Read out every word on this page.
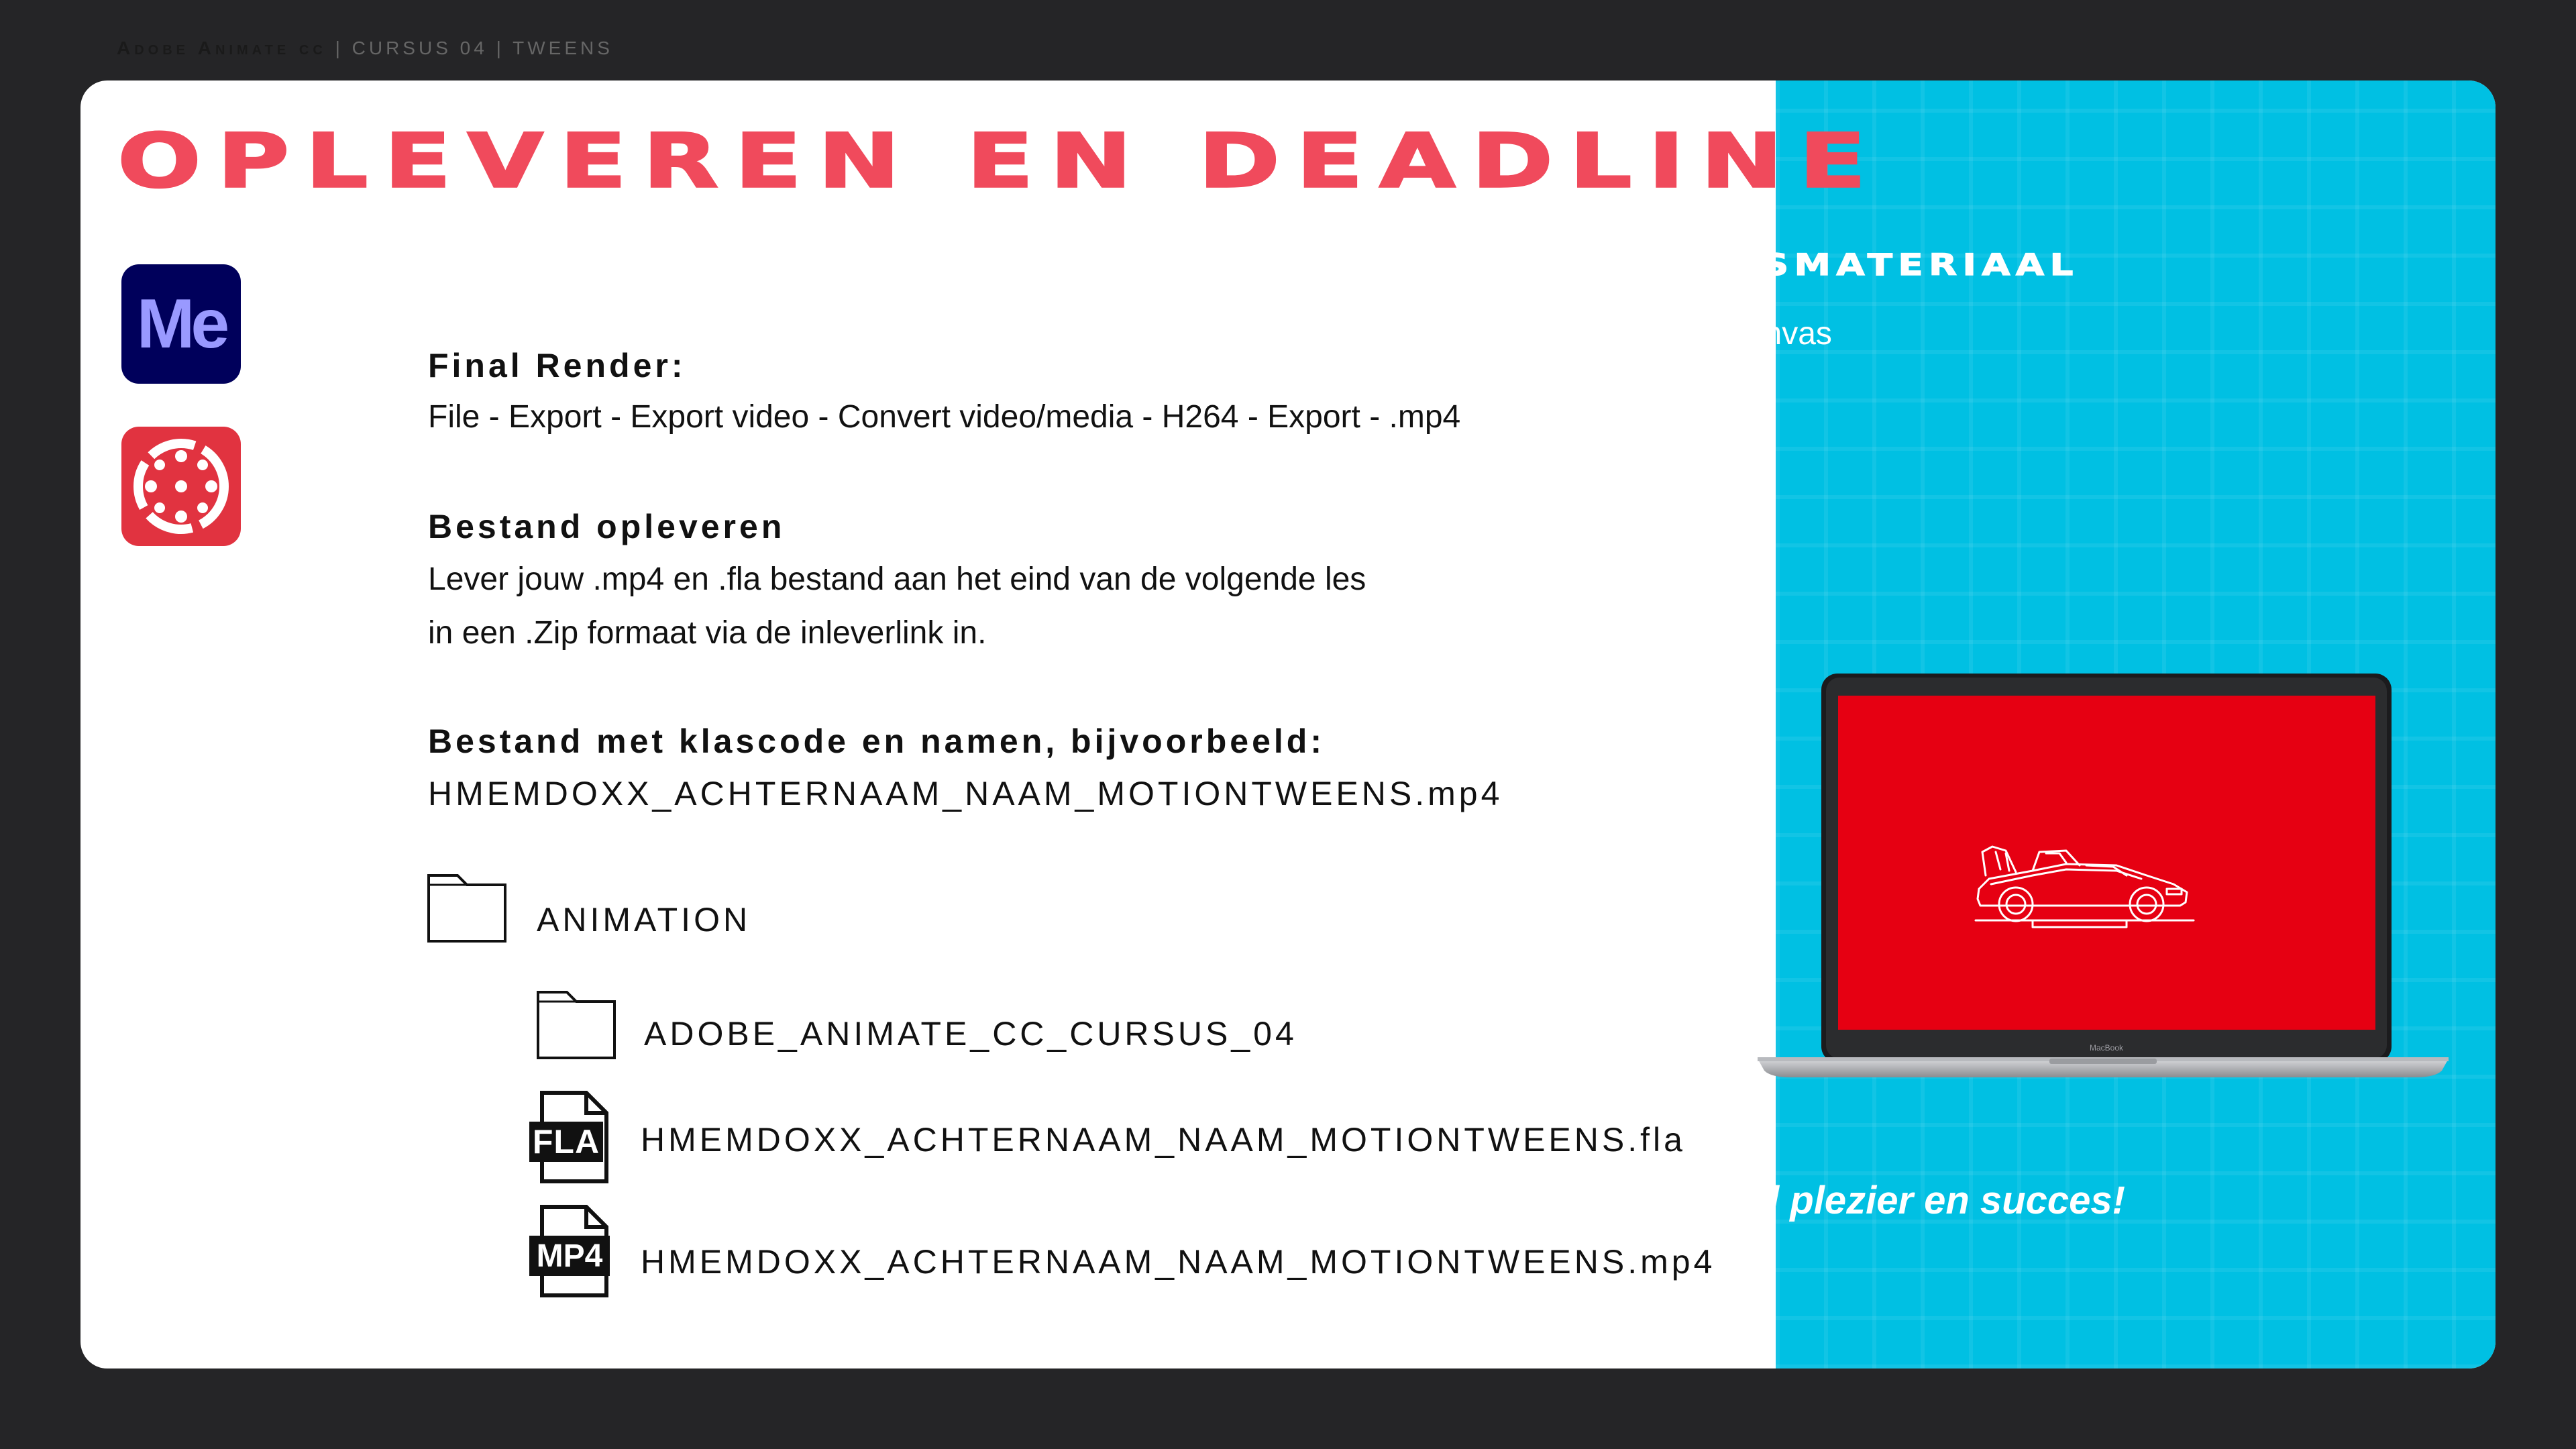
Adobe Animate cc | CURSUS 04 | TWEENS
OPLEVEREN EN DEADLINE
Me
Final Render:
File - Export - Export video - Convert video/media - H264 - Export - .mp4
Bestand opleveren
Lever jouw .mp4 en .fla bestand aan het eind van de volgende les
in een .Zip formaat via de inleverlink in.
Bestand met klascode en namen, bijvoorbeeld:
HMEMDOXX_ACHTERNAAM_NAAM_MOTIONTWEENS.mp4
ANIMATION
ADOBE_ANIMATE_CC_CURSUS_04
FLA HMEMDOXX_ACHTERNAAM_NAAM_MOTIONTWEENS.fla
MP4 HMEMDOXX_ACHTERNAAM_NAAM_MOTIONTWEENS.mp4
LESMATERIAAL
• Canvas
MacBook
Veel plezier en succes!
